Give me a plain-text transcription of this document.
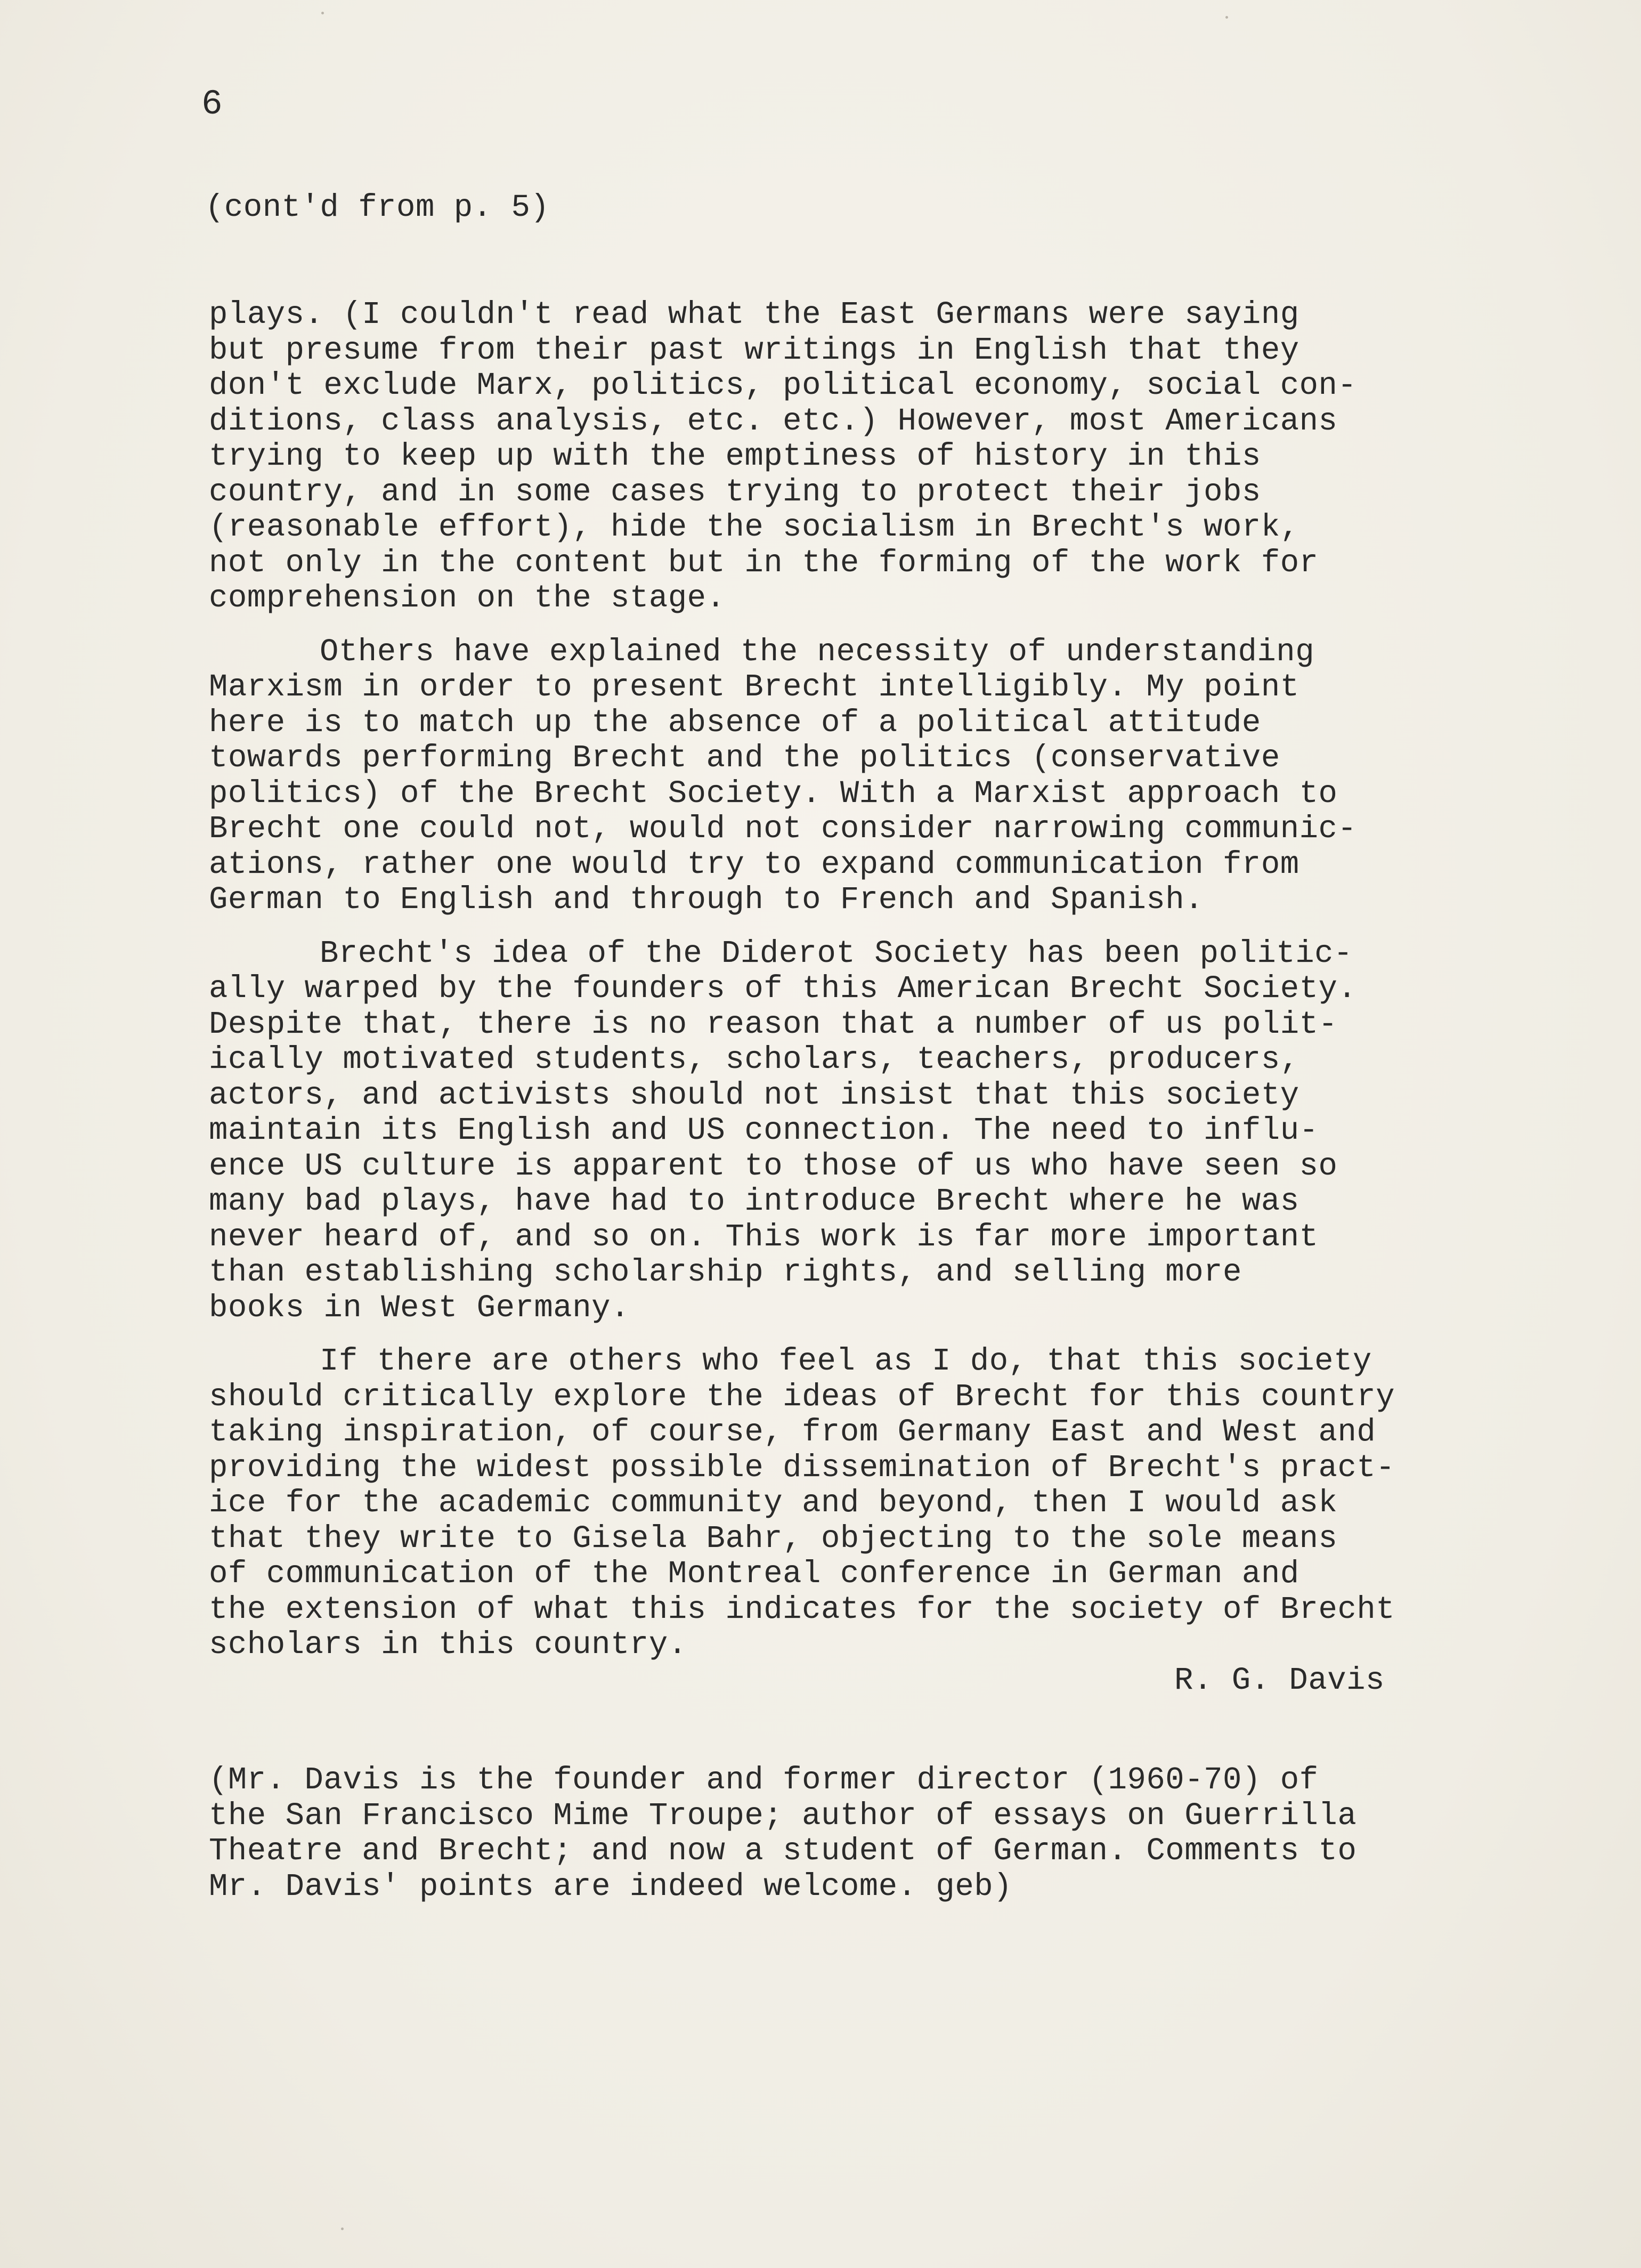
6
(cont'd from p. 5)
plays. (I couldn't read what the East Germans were saying
but presume from their past writings in English that they
don't exclude Marx, politics, political economy, social con-
ditions, class analysis, etc. etc.) However, most Americans
trying to keep up with the emptiness of history in this
country, and in some cases trying to protect their jobs
(reasonable effort), hide the socialism in Brecht's work,
not only in the content but in the forming of the work for
comprehension on the stage.
Others have explained the necessity of understanding
Marxism in order to present Brecht intelligibly. My point
here is to match up the absence of a political attitude
towards performing Brecht and the politics (conservative
politics) of the Brecht Society. With a Marxist approach to
Brecht one could not, would not consider narrowing communic-
ations, rather one would try to expand communication from
German to English and through to French and Spanish.
Brecht's idea of the Diderot Society has been politic-
ally warped by the founders of this American Brecht Society.
Despite that, there is no reason that a number of us polit-
ically motivated students, scholars, teachers, producers,
actors, and activists should not insist that this society
maintain its English and US connection. The need to influ-
ence US culture is apparent to those of us who have seen so
many bad plays, have had to introduce Brecht where he was
never heard of, and so on. This work is far more important
than establishing scholarship rights, and selling more
books in West Germany.
If there are others who feel as I do, that this society
should critically explore the ideas of Brecht for this country
taking inspiration, of course, from Germany East and West and
providing the widest possible dissemination of Brecht's pract-
ice for the academic community and beyond, then I would ask
that they write to Gisela Bahr, objecting to the sole means
of communication of the Montreal conference in German and
the extension of what this indicates for the society of Brecht
scholars in this country.
R. G. Davis
(Mr. Davis is the founder and former director (1960-70) of
the San Francisco Mime Troupe; author of essays on Guerrilla
Theatre and Brecht; and now a student of German. Comments to
Mr. Davis' points are indeed welcome. geb)
